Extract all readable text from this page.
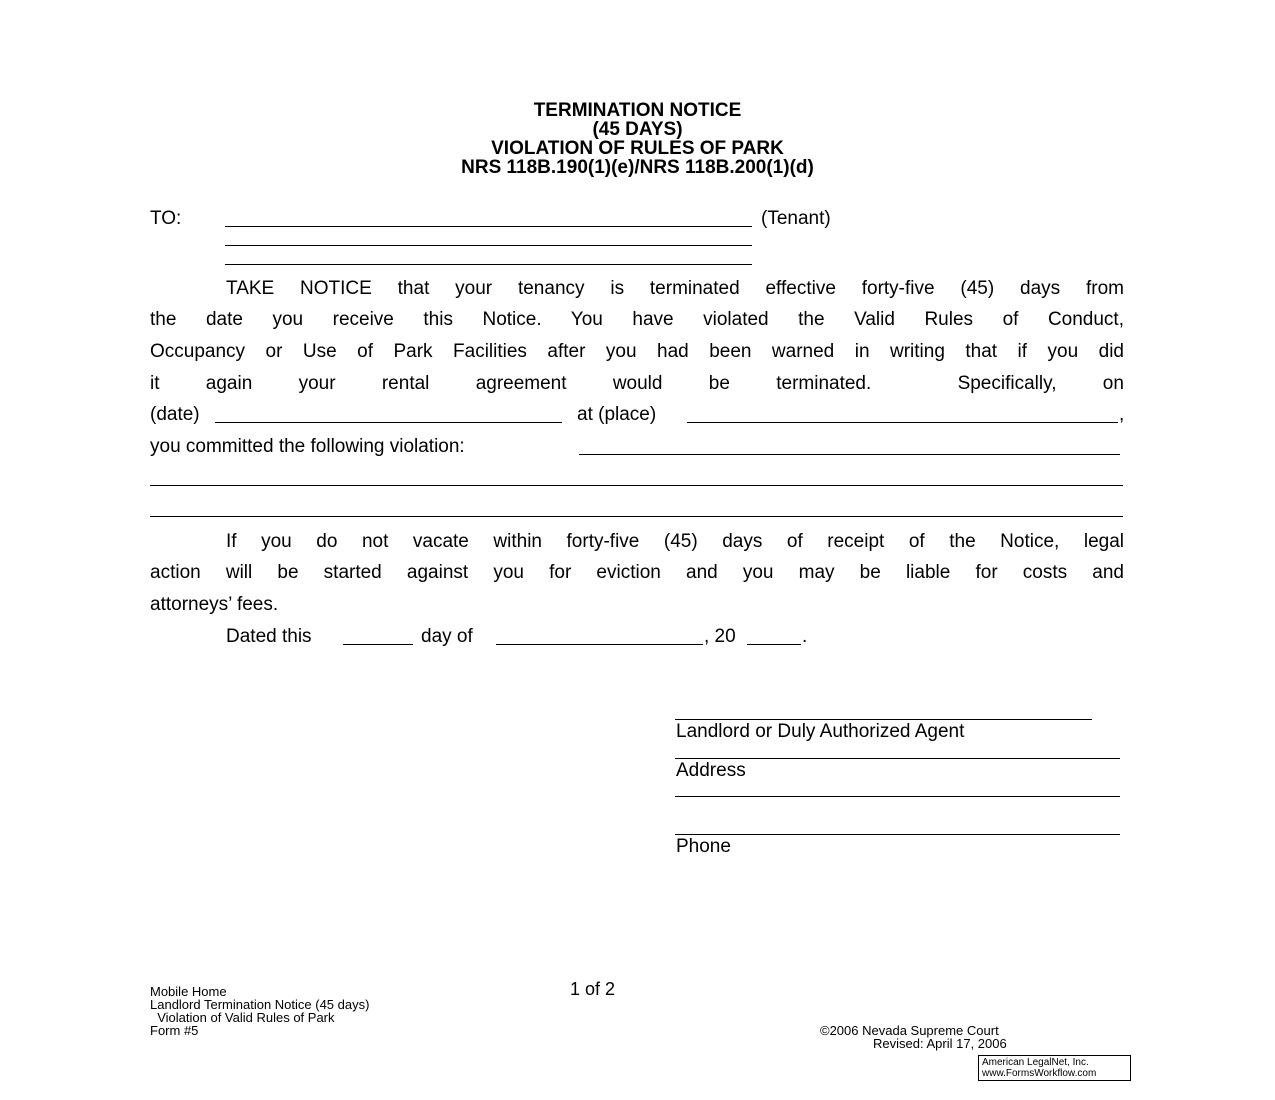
TERMINATION NOTICE
(45 DAYS)
VIOLATION OF RULES OF PARK
NRS 118B.190(1)(e)/NRS 118B.200(1)(d)
TO:	(Tenant)
TAKE NOTICE that your tenancy is terminated effective forty-five (45) days from
the date you receive this Notice. You have violated the Valid Rules of Conduct,
Occupancy or Use of Park Facilities after you had been warned in writing that if you did
it again your rental agreement would be terminated.	Specifically, on
(date)	at (place)	,
you committed the following violation:
If you do not vacate within forty-five (45) days of receipt of the Notice, legal
action will be started against you for eviction and you may be liable for costs and
attorneys’ fees.
Dated this	day of	, 20	.
Landlord or Duly Authorized Agent
Address
Phone
Mobile Home
Landlord Termination Notice (45 days)
Violation of Valid Rules of Park
Form #5
1 of 2
©2006 Nevada Supreme Court
Revised: April 17, 2006
American LegalNet, Inc.
www.FormsWorkflow.com
